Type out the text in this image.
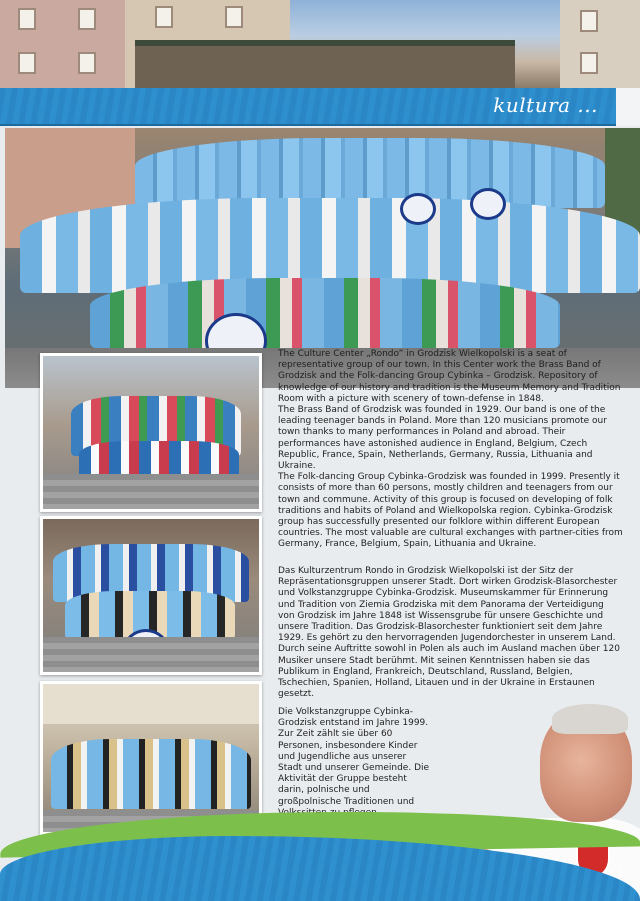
kultura ...

The Culture Center „Rondo” in Grodzisk Wielkopolski is a seat of representative group of our town. In this Center work the Brass Band of Grodzisk and the Folk-dancing Group Cybinka – Grodzisk. Repository of knowledge of our history and tradition is the Museum Memory and Tradition Room with a picture with scenery of town-defense in 1848.

The Brass Band of Grodzisk was founded in 1929. Our band is one of the leading teenager bands in Poland. More than 120 musicians promote our town thanks to many performances in Poland and abroad. Their performances have astonished audience in England, Belgium, Czech Republic, France, Spain, Netherlands, Germany, Russia, Lithuania and Ukraine.

The Folk-dancing Group Cybinka-Grodzisk was founded in 1999. Presently it consists of more than 60 persons, mostly children and teenagers from our town and commune. Activity of this group is focused on developing of folk traditions and habits of Poland and Wielkopolska region. Cybinka-Grodzisk group has successfully presented our folklore within different European countries. The most valuable are cultural exchanges with partner-cities from Germany, France, Belgium, Spain, Lithuania and Ukraine.

Das Kulturzentrum Rondo in Grodzisk Wielkopolski ist der Sitz der Repräsentationsgruppen unserer Stadt. Dort wirken Grodzisk-Blasorchester und Volkstanzgruppe Cybinka-Grodzisk. Museumskammer für Erinnerung und Tradition von Ziemia Grodziska mit dem Panorama der Verteidigung von Grodzisk im Jahre 1848 ist Wissensgrube für unsere Geschichte und unsere Tradition. Das Grodzisk-Blasorchester funktioniert seit dem Jahre 1929. Es gehört zu den hervorragenden Jugendorchester in unserem Land. Durch seine Auftritte sowohl in Polen als auch im Ausland machen über 120 Musiker unsere Stadt berühmt. Mit seinen Kenntnissen haben sie das Publikum in England, Frankreich, Deutschland, Russland, Belgien, Tschechien, Spanien, Holland, Litauen und in der Ukraine in Erstaunen gesetzt.

Die Volkstanzgruppe Cybinka-Grodzisk entstand im Jahre 1999. Zur Zeit zählt sie über 60 Personen, insbesondere Kinder und Jugendliche aus unserer Stadt und unserer Gemeinde. Die Aktivität der Gruppe besteht darin, polnische und großpolnische Traditionen und

11
